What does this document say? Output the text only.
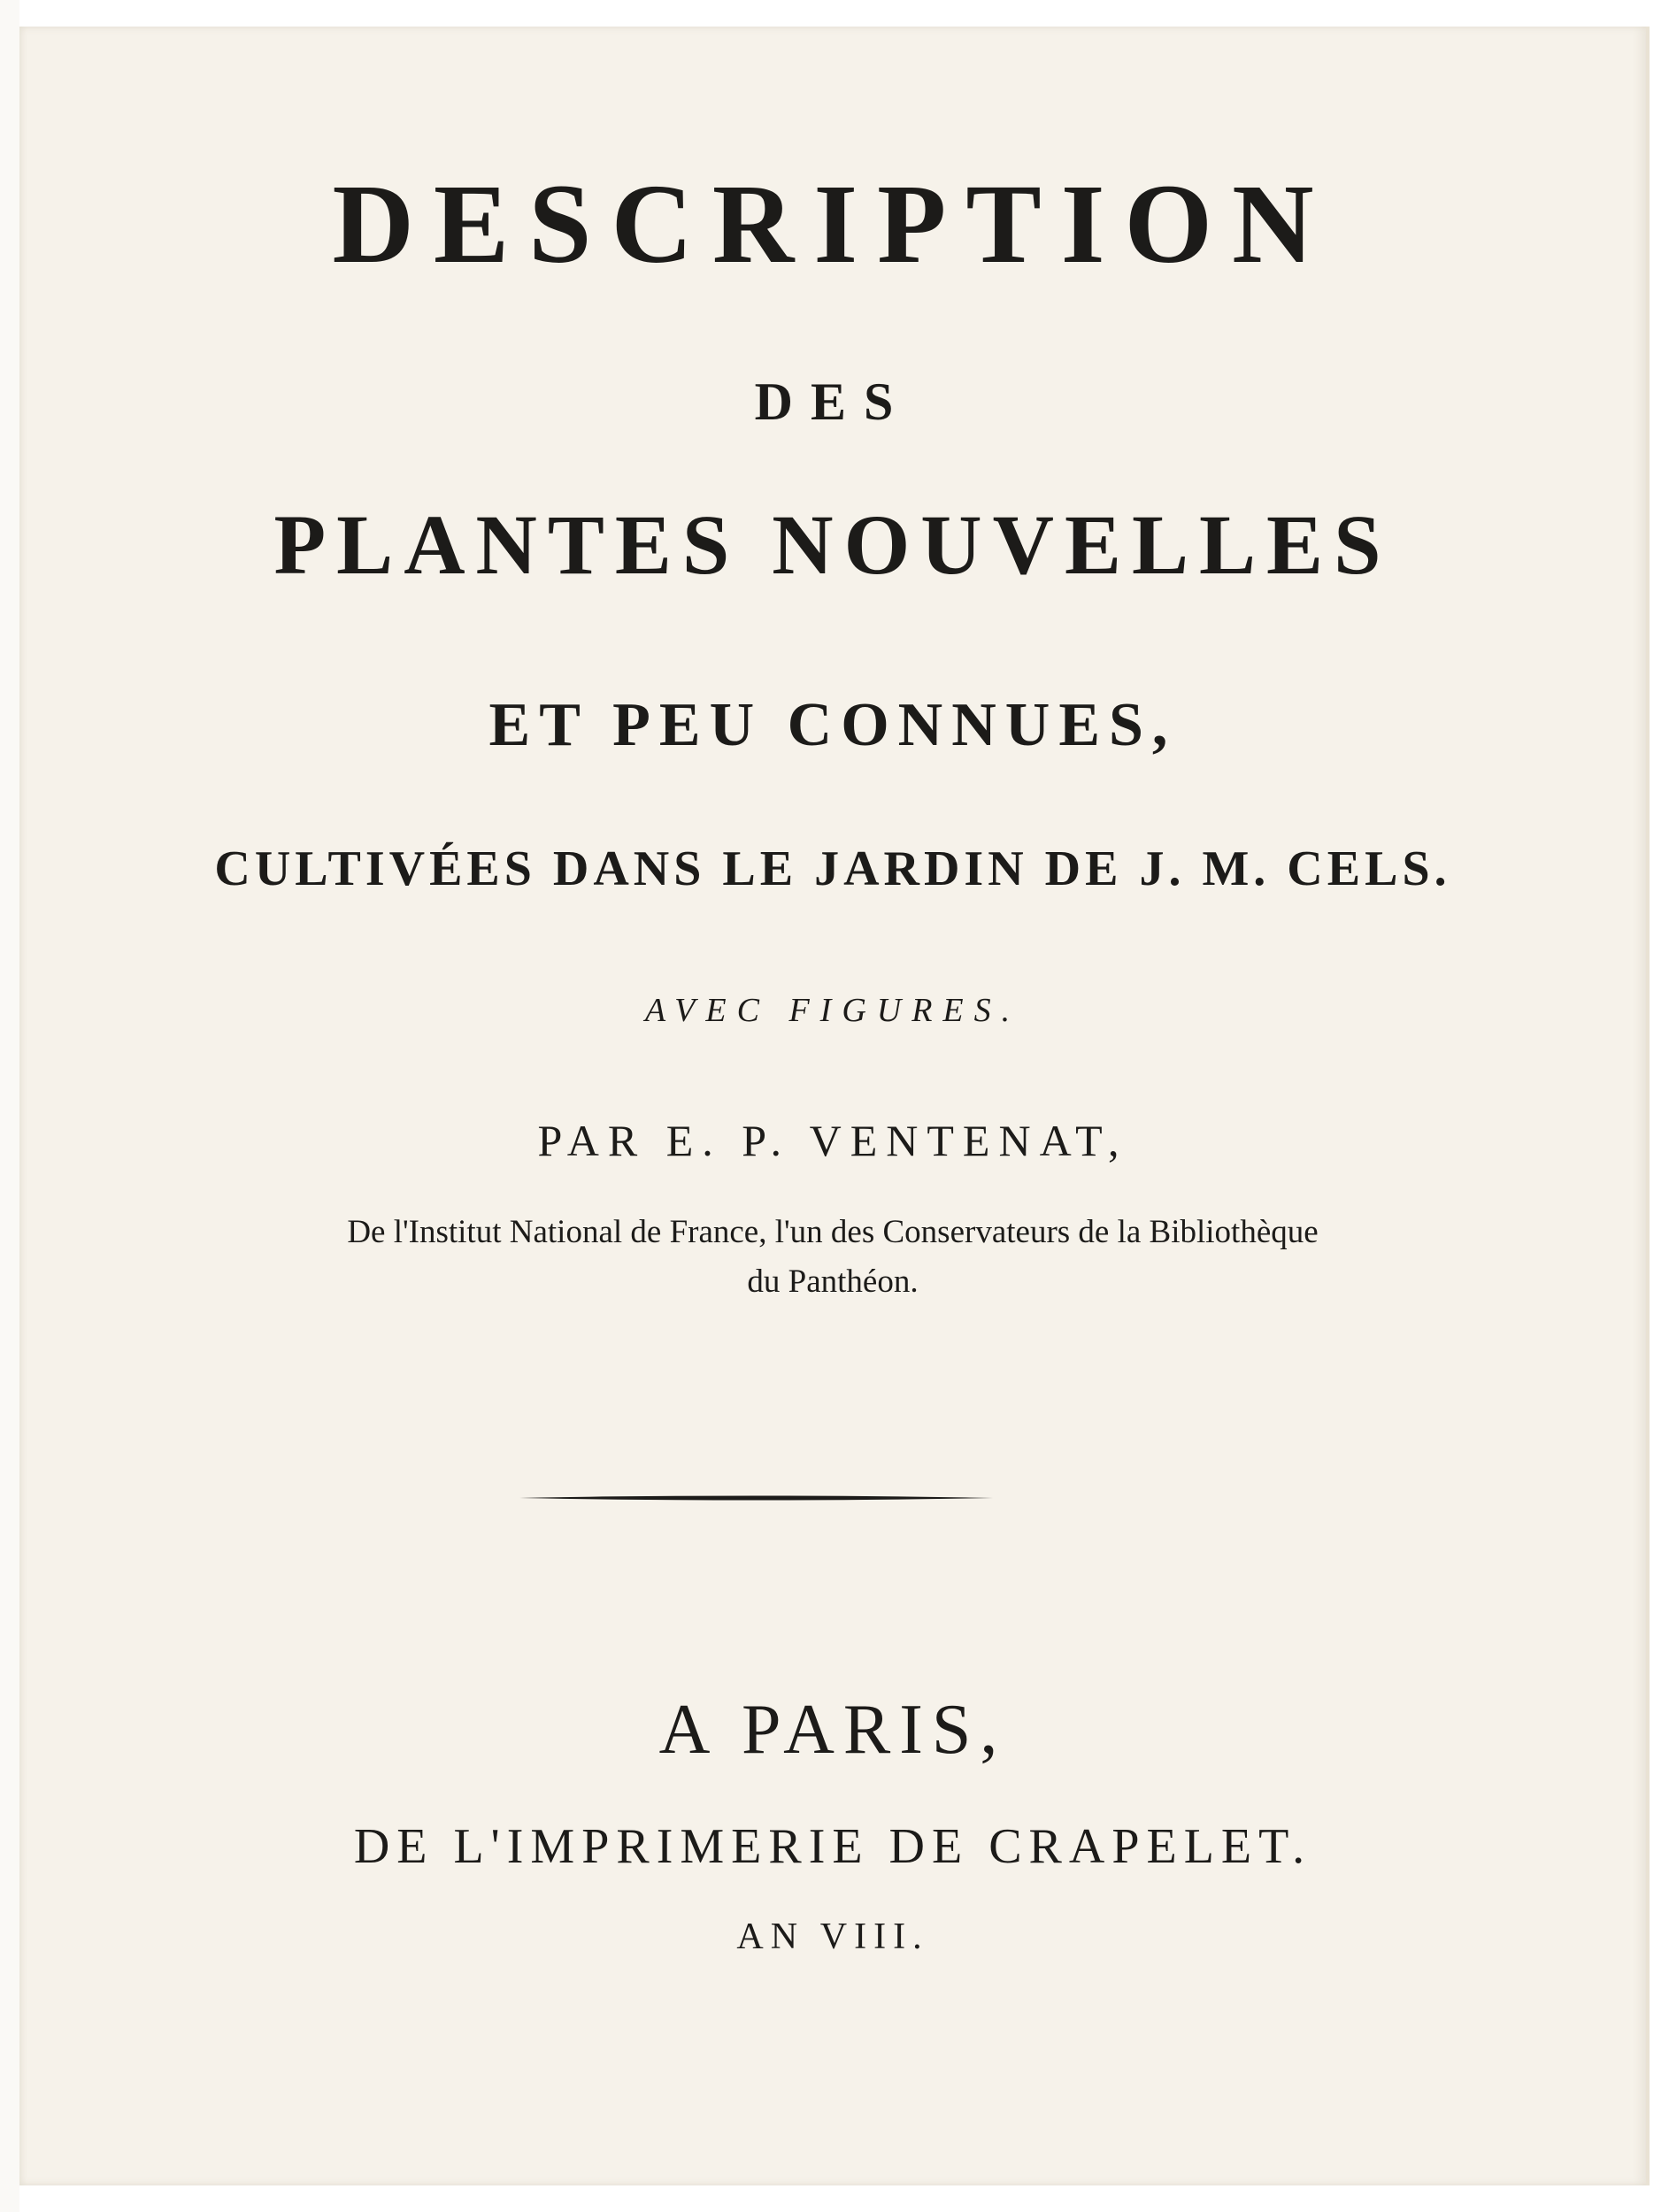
DESCRIPTION
DES
PLANTES NOUVELLES
ET PEU CONNUES,
CULTIVÉES DANS LE JARDIN DE J. M. CELS.
AVEC FIGURES.
PAR E. P. VENTENAT,
De l'Institut National de France, l'un des Conservateurs de la Bibliothèque
du Panthéon.
A PARIS,
DE L'IMPRIMERIE DE CRAPELET.
AN VIII.
